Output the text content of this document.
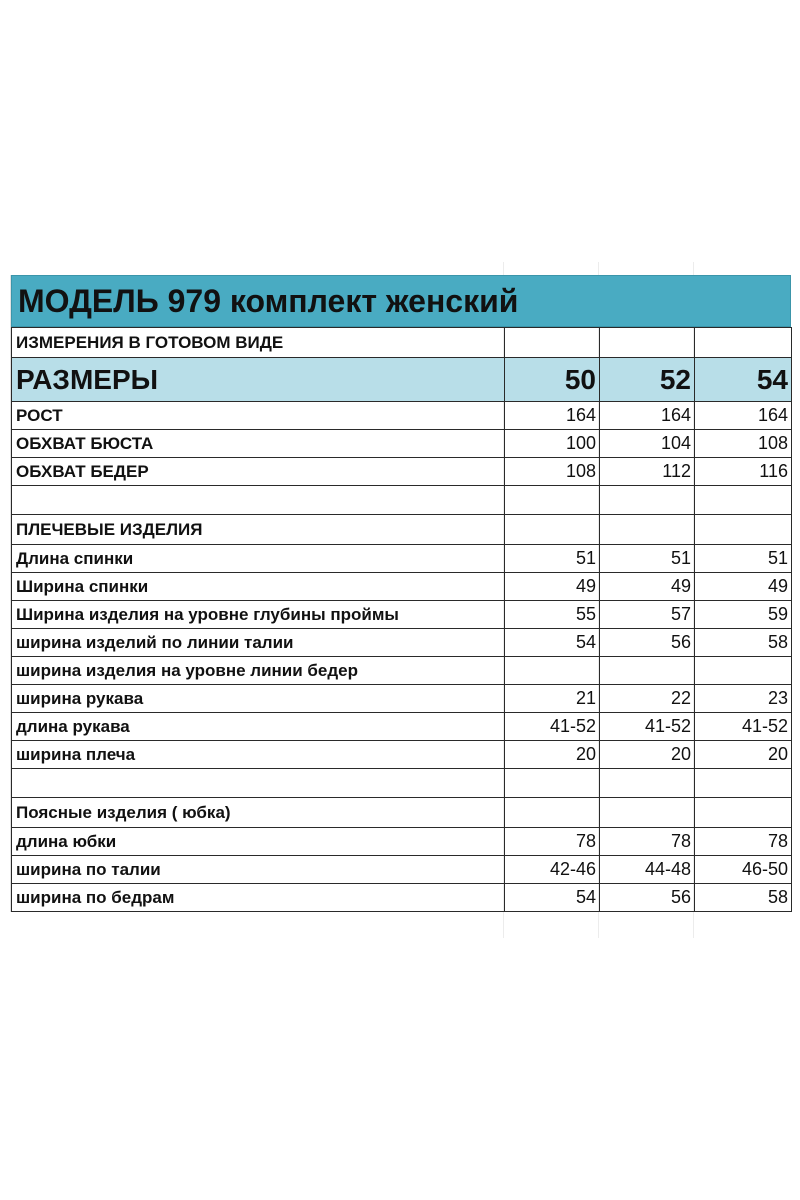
МОДЕЛЬ 979 комплект женский
ИЗМЕРЕНИЯ В ГОТОВОМ ВИДЕ			
РАЗМЕРЫ	50	52	54
РОСТ	164	164	164
ОБХВАТ БЮСТА	100	104	108
ОБХВАТ БЕДЕР	108	112	116

ПЛЕЧЕВЫЕ ИЗДЕЛИЯ			
Длина спинки	51	51	51
Ширина спинки	49	49	49
Ширина изделия на уровне глубины проймы	55	57	59
ширина изделий по линии талии	54	56	58
ширина изделия на уровне линии бедер			
ширина рукава	21	22	23
длина рукава	41-52	41-52	41-52
ширина плеча	20	20	20

Поясные изделия ( юбка)			
длина юбки	78	78	78
ширина по талии	42-46	44-48	46-50
ширина по бедрам	54	56	58
